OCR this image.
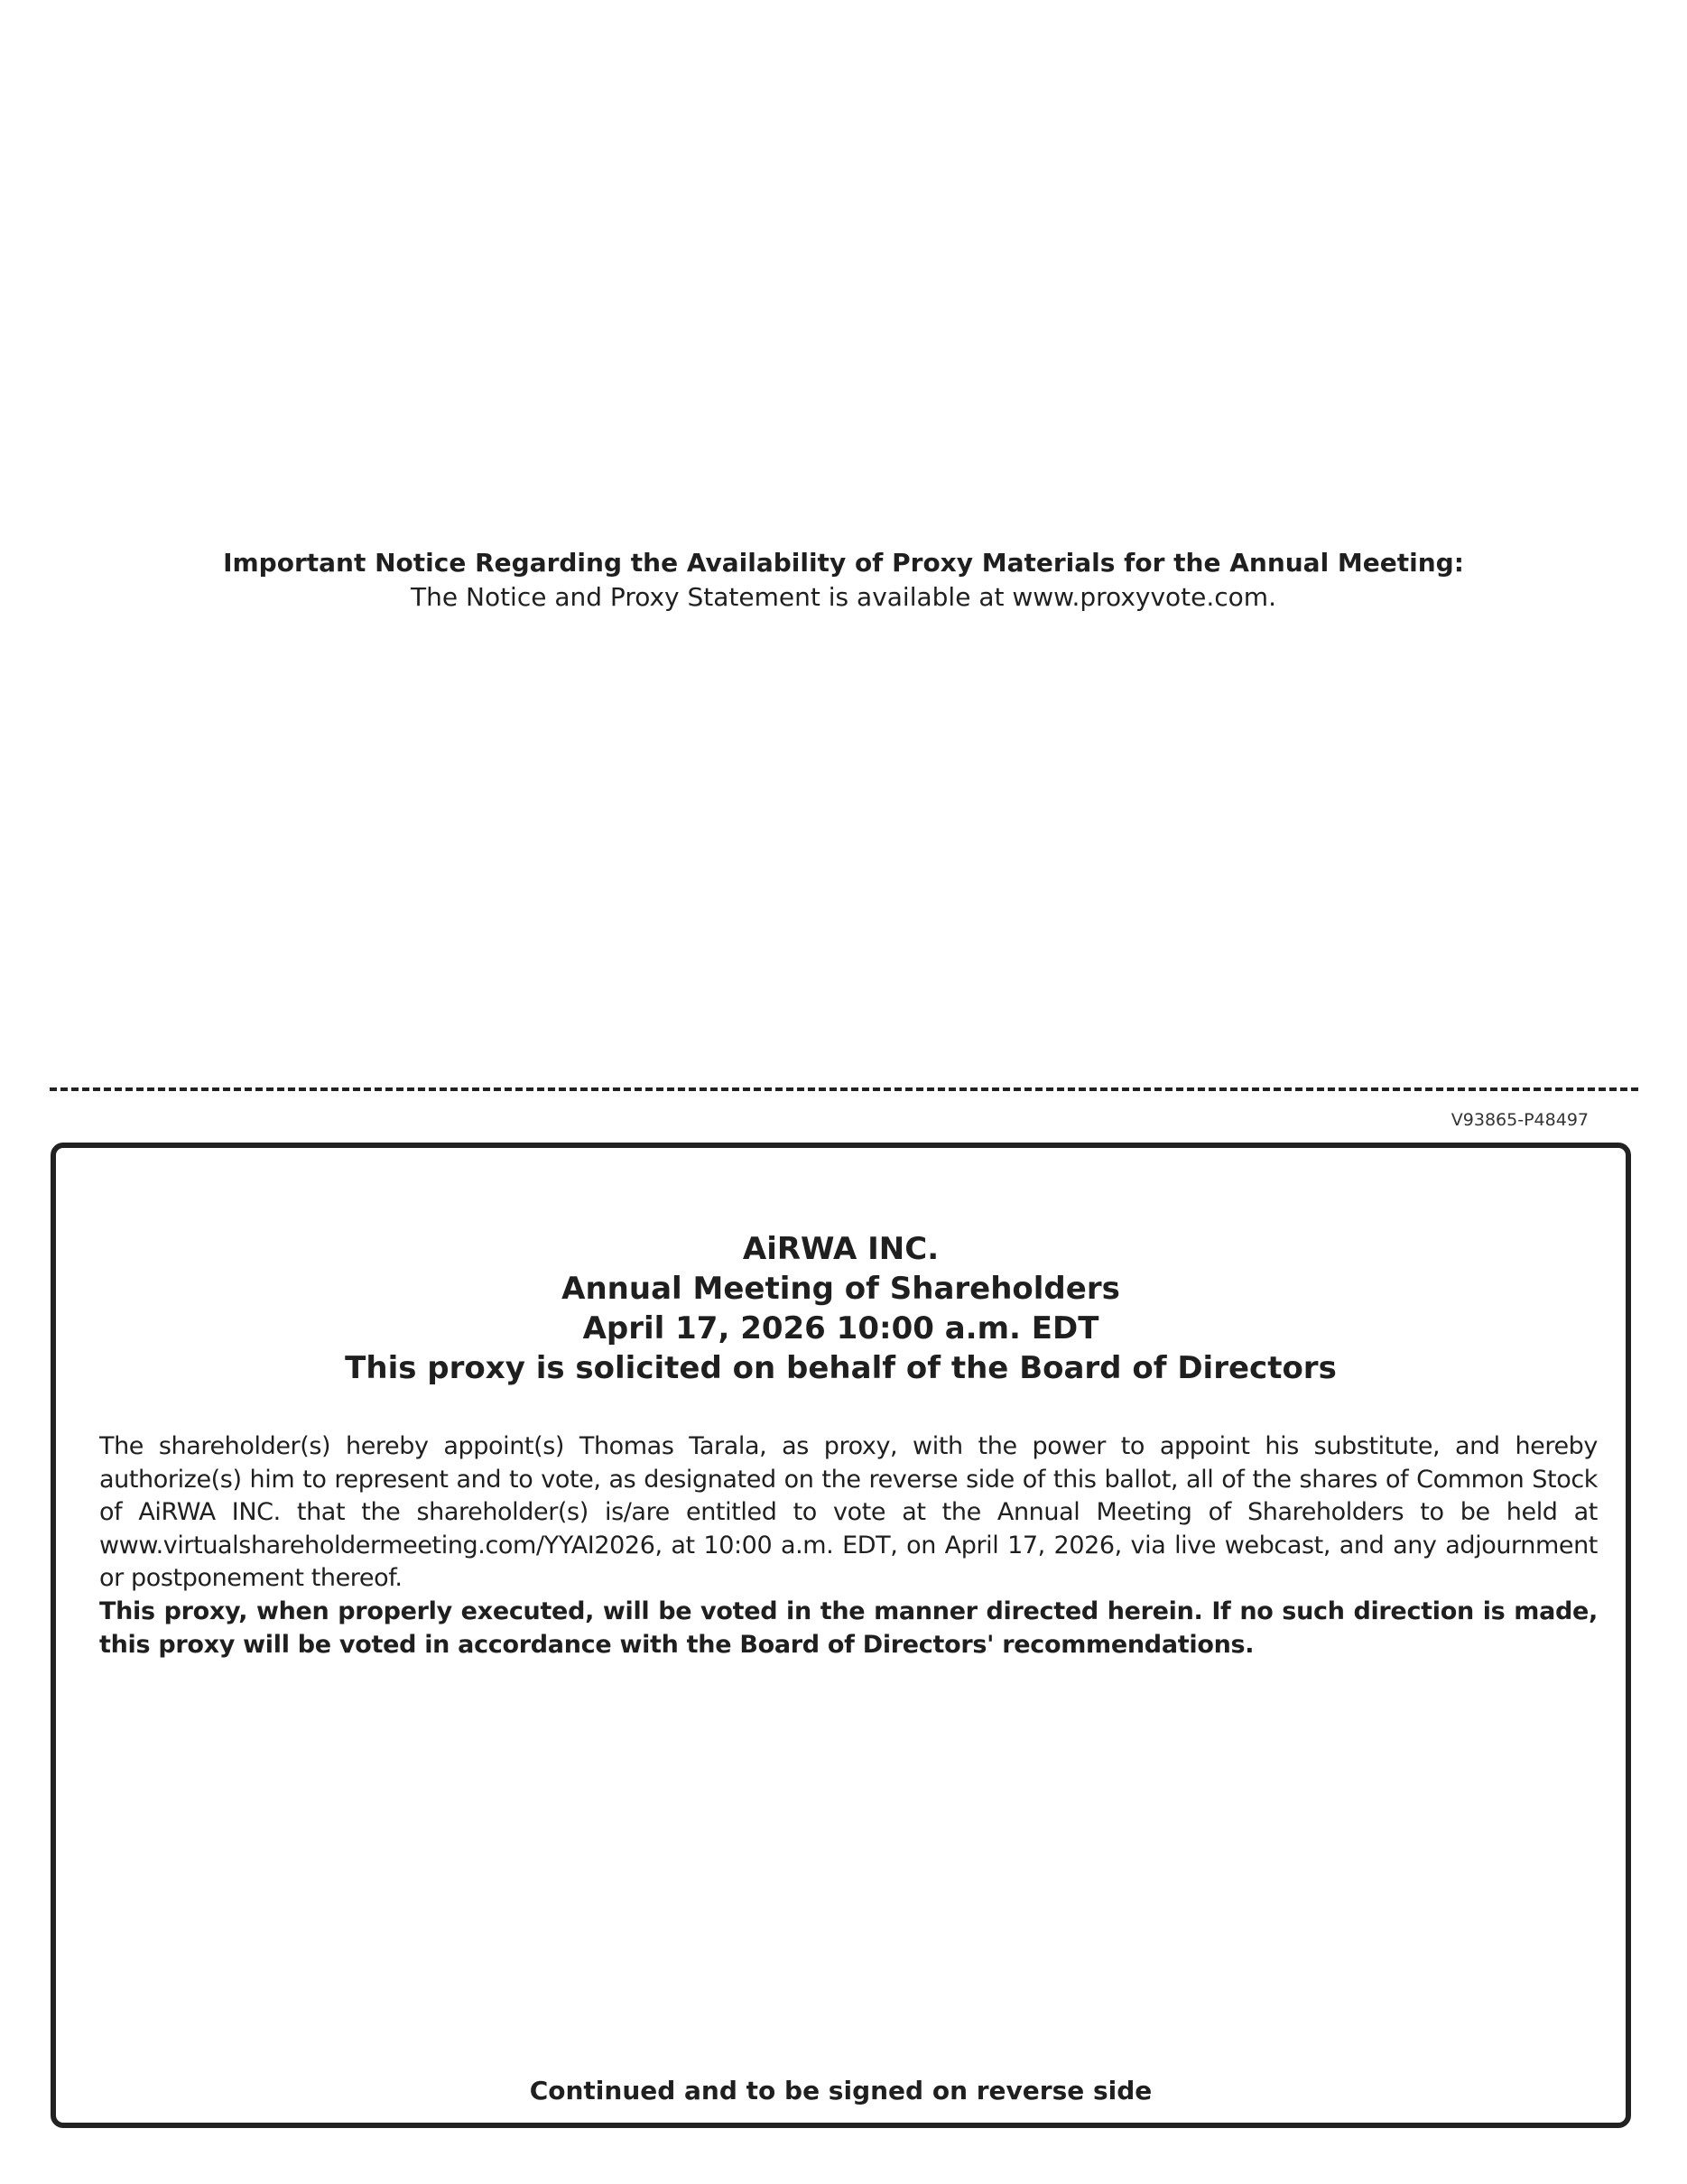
Important Notice Regarding the Availability of Proxy Materials for the Annual Meeting:
The Notice and Proxy Statement is available at www.proxyvote.com.
V93865-P48497
AiRWA INC.
Annual Meeting of Shareholders
April 17, 2026 10:00 a.m. EDT
This proxy is solicited on behalf of the Board of Directors
The shareholder(s) hereby appoint(s) Thomas Tarala, as proxy, with the power to appoint his substitute, and hereby authorize(s) him to represent and to vote, as designated on the reverse side of this ballot, all of the shares of Common Stock of AiRWA INC. that the shareholder(s) is/are entitled to vote at the Annual Meeting of Shareholders to be held at www.virtualshareholdermeeting.com/YYAI2026, at 10:00 a.m. EDT, on April 17, 2026, via live webcast, and any adjournment or postponement thereof.
This proxy, when properly executed, will be voted in the manner directed herein. If no such direction is made, this proxy will be voted in accordance with the Board of Directors' recommendations.
Continued and to be signed on reverse side
